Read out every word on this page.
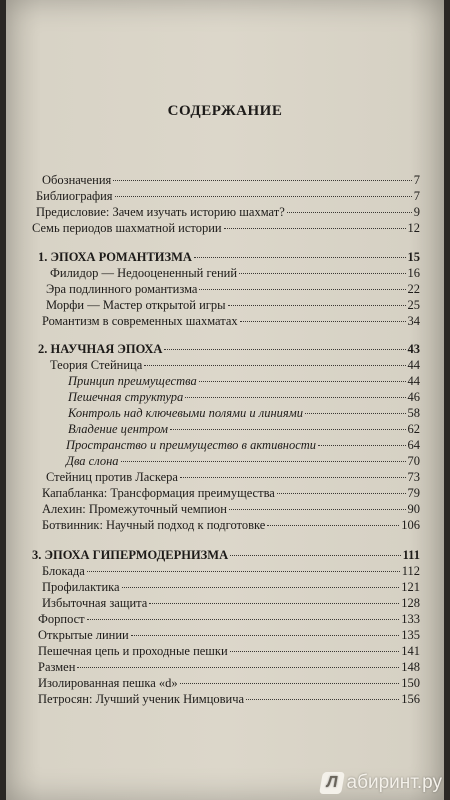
СОДЕРЖАНИЕ
Обозначения	7
Библиография	7
Предисловие: Зачем изучать историю шахмат?	9
Семь периодов шахматной истории	12
1. ЭПОХА РОМАНТИЗМА	15
Филидор — Недооцененный гений	16
Эра подлинного романтизма	22
Морфи — Мастер открытой игры	25
Романтизм в современных шахматах	34
2. НАУЧНАЯ ЭПОХА	43
Теория Стейница	44
Принцип преимущества	44
Пешечная структура	46
Контроль над ключевыми полями и линиями	58
Владение центром	62
Пространство и преимущество в активности	64
Два слона	70
Стейниц против Ласкера	73
Капабланка: Трансформация преимущества	79
Алехин: Промежуточный чемпион	90
Ботвинник: Научный подход к подготовке	106
3. ЭПОХА ГИПЕРМОДЕРНИЗМА	111
Блокада	112
Профилактика	121
Избыточная защита	128
Форпост	133
Открытые линии	135
Пешечная цепь и проходные пешки	141
Размен	148
Изолированная пешка «d»	150
Петросян: Лучший ученик Нимцовича	156
Л абиринт.ру
